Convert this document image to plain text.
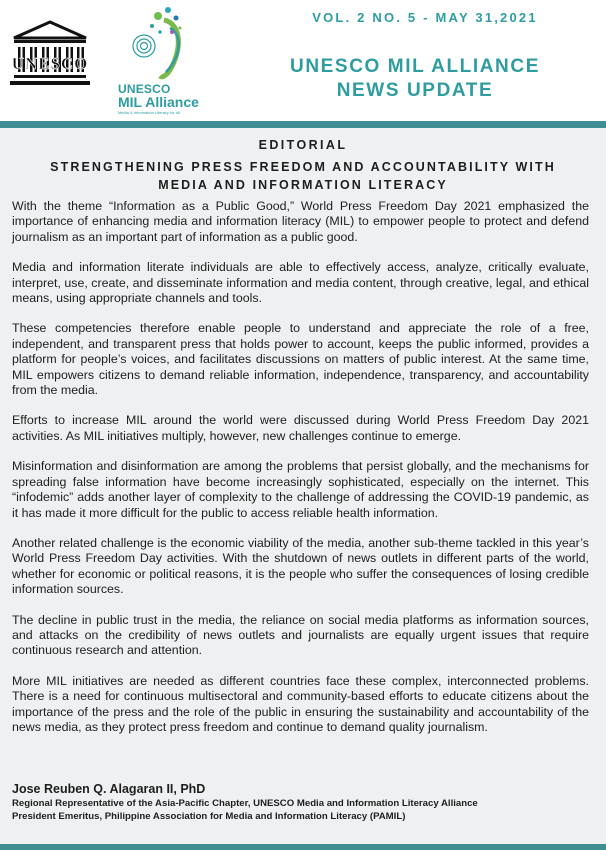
UNESCO
UNESCO
MIL Alliance
Media & Information Literacy for All
VOL. 2 NO. 5 - MAY 31,2021
UNESCO MIL ALLIANCE
NEWS UPDATE
EDITORIAL
STRENGTHENING PRESS FREEDOM AND ACCOUNTABILITY WITH
MEDIA AND INFORMATION LITERACY

With the theme “Information as a Public Good,” World Press Freedom Day 2021 emphasized the importance of enhancing media and information literacy (MIL) to empower people to protect and defend journalism as an important part of information as a public good.

Media and information literate individuals are able to effectively access, analyze, critically evaluate, interpret, use, create, and disseminate information and media content, through creative, legal, and ethical means, using appropriate channels and tools.

These competencies therefore enable people to understand and appreciate the role of a free, independent, and transparent press that holds power to account, keeps the public informed, provides a platform for people’s voices, and facilitates discussions on matters of public interest. At the same time, MIL empowers citizens to demand reliable information, independence, transparency, and accountability from the media.

Efforts to increase MIL around the world were discussed during World Press Freedom Day 2021 activities. As MIL initiatives multiply, however, new challenges continue to emerge.

Misinformation and disinformation are among the problems that persist globally, and the mechanisms for spreading false information have become increasingly sophisticated, especially on the internet. This “infodemic” adds another layer of complexity to the challenge of addressing the COVID-19 pandemic, as it has made it more difficult for the public to access reliable health information.

Another related challenge is the economic viability of the media, another sub-theme tackled in this year’s World Press Freedom Day activities. With the shutdown of news outlets in different parts of the world, whether for economic or political reasons, it is the people who suffer the consequences of losing credible information sources.

The decline in public trust in the media, the reliance on social media platforms as information sources, and attacks on the credibility of news outlets and journalists are equally urgent issues that require continuous research and attention.

More MIL initiatives are needed as different countries face these complex, interconnected problems. There is a need for continuous multisectoral and community-based efforts to educate citizens about the importance of the press and the role of the public in ensuring the sustainability and accountability of the news media, as they protect press freedom and continue to demand quality journalism.

Jose Reuben Q. Alagaran II, PhD
Regional Representative of the Asia-Pacific Chapter, UNESCO Media and Information Literacy Alliance
President Emeritus, Philippine Association for Media and Information Literacy (PAMIL)
